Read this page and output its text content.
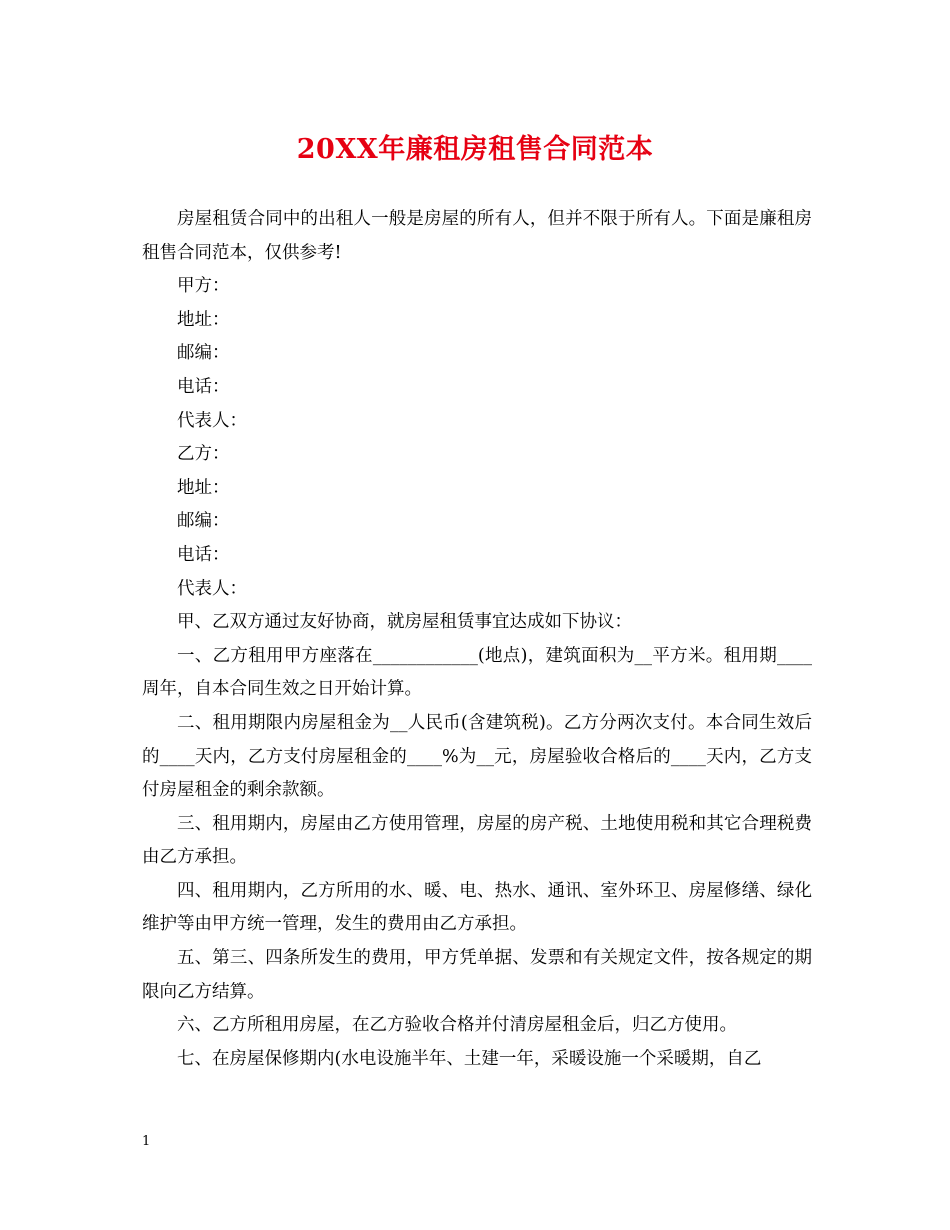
20XX年廉租房租售合同范本

房屋租赁合同中的出租人一般是房屋的所有人，但并不限于所有人。下面是廉租房租售合同范本，仅供参考!

甲方：

地址：

邮编：

电话：

代表人：

乙方：

地址：

邮编：

电话：

代表人：

甲、乙双方通过友好协商，就房屋租赁事宜达成如下协议：

一、乙方租用甲方座落在____________(地点)，建筑面积为__平方米。租用期____周年，自本合同生效之日开始计算。

二、租用期限内房屋租金为__人民币(含建筑税)。乙方分两次支付。本合同生效后的____天内，乙方支付房屋租金的____%为__元，房屋验收合格后的____天内，乙方支付房屋租金的剩余款额。

三、租用期内，房屋由乙方使用管理，房屋的房产税、土地使用税和其它合理税费由乙方承担。

四、租用期内，乙方所用的水、暖、电、热水、通讯、室外环卫、房屋修缮、绿化维护等由甲方统一管理，发生的费用由乙方承担。

五、第三、四条所发生的费用，甲方凭单据、发票和有关规定文件，按各规定的期限向乙方结算。

六、乙方所租用房屋，在乙方验收合格并付清房屋租金后，归乙方使用。

七、在房屋保修期内(水电设施半年、土建一年，采暖设施一个采暖期，自乙

1
